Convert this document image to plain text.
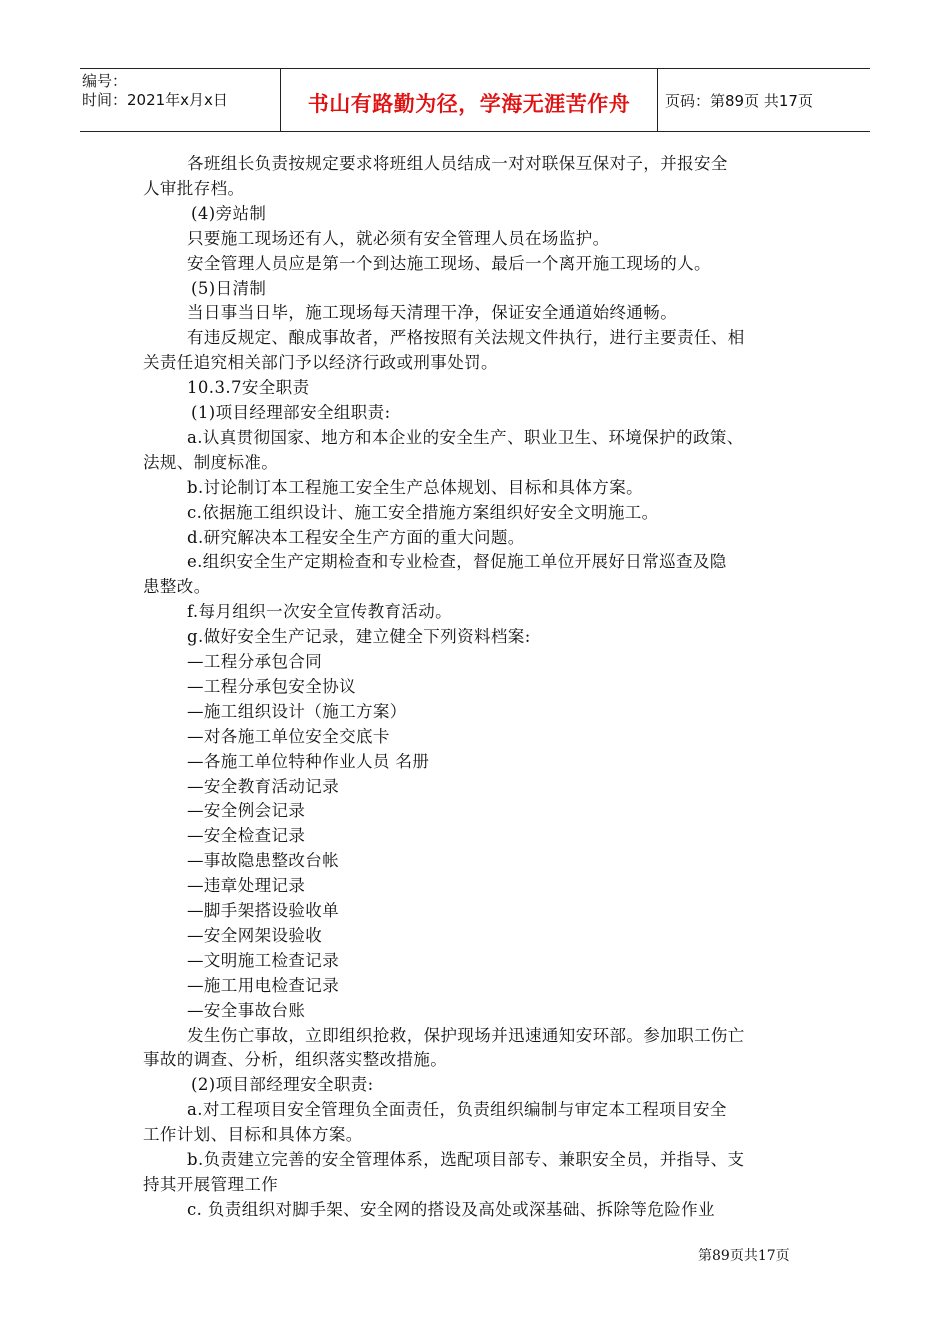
编号：
时间：2021年x月x日	书山有路勤为径，学海无涯苦作舟	页码：第89页 共17页
各班组长负责按规定要求将班组人员结成一对对联保互保对子，并报安全
人审批存档。
(4)旁站制
只要施工现场还有人，就必须有安全管理人员在场监护。
安全管理人员应是第一个到达施工现场、最后一个离开施工现场的人。
(5)日清制
当日事当日毕，施工现场每天清理干净，保证安全通道始终通畅。
有违反规定、酿成事故者，严格按照有关法规文件执行，进行主要责任、相
关责任追究相关部门予以经济行政或刑事处罚。
10.3.7安全职责
(1)项目经理部安全组职责:
a.认真贯彻国家、地方和本企业的安全生产、职业卫生、环境保护的政策、
法规、制度标准。
b.讨论制订本工程施工安全生产总体规划、目标和具体方案。
c.依据施工组织设计、施工安全措施方案组织好安全文明施工。
d.研究解决本工程安全生产方面的重大问题。
e.组织安全生产定期检查和专业检查，督促施工单位开展好日常巡查及隐
患整改。
f.每月组织一次安全宣传教育活动。
g.做好安全生产记录，建立健全下列资料档案:
—工程分承包合同
—工程分承包安全协议
—施工组织设计（施工方案）
—对各施工单位安全交底卡
—各施工单位特种作业人员 名册
—安全教育活动记录
—安全例会记录
—安全检查记录
—事故隐患整改台帐
—违章处理记录
—脚手架搭设验收单
—安全网架设验收
—文明施工检查记录
—施工用电检查记录
—安全事故台账
发生伤亡事故，立即组织抢救，保护现场并迅速通知安环部。参加职工伤亡
事故的调查、分析，组织落实整改措施。
(2)项目部经理安全职责:
a.对工程项目安全管理负全面责任，负责组织编制与审定本工程项目安全
工作计划、目标和具体方案。
b.负责建立完善的安全管理体系，选配项目部专、兼职安全员，并指导、支
持其开展管理工作
c. 负责组织对脚手架、安全网的搭设及高处或深基础、拆除等危险作业
第89页共17页
